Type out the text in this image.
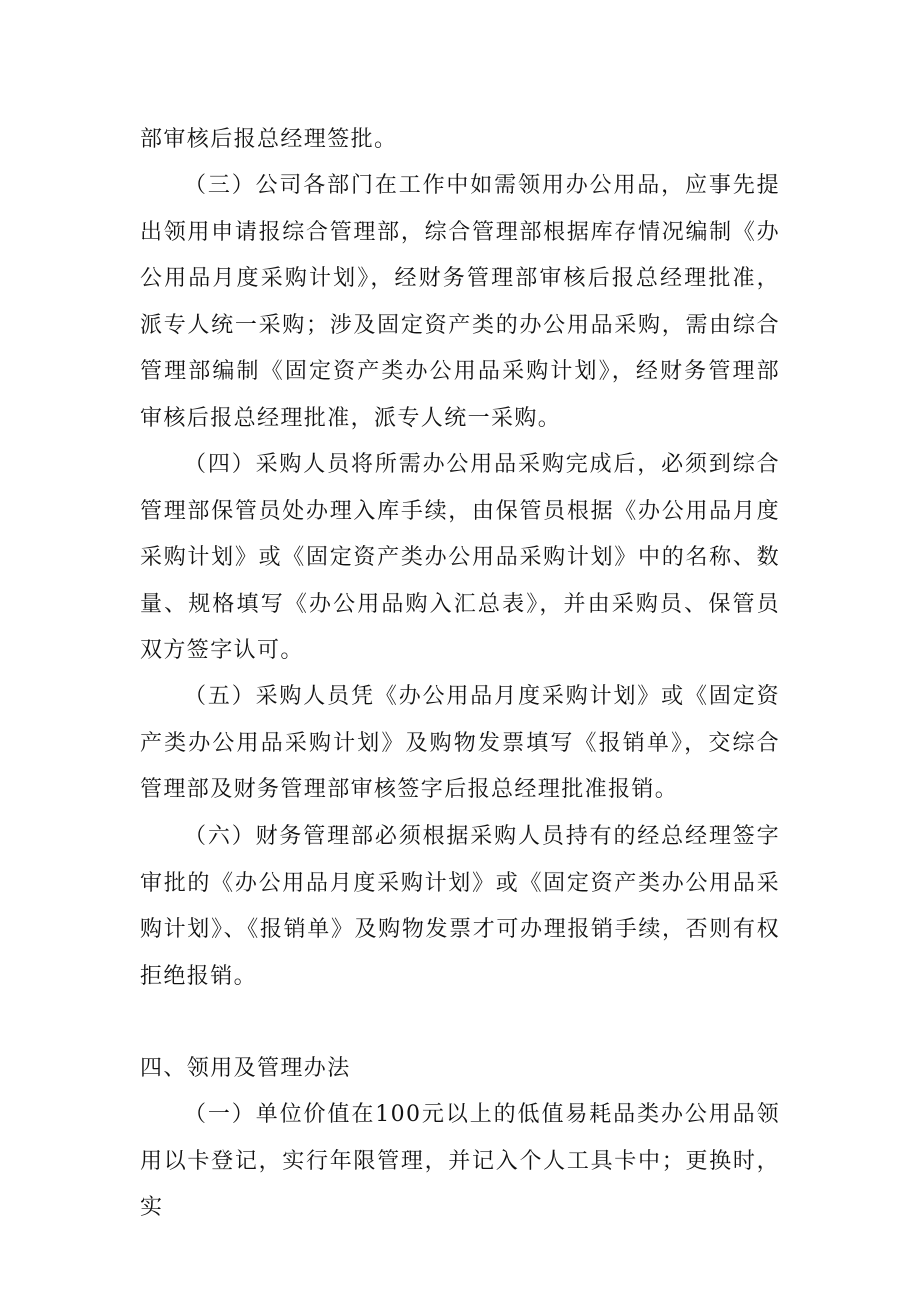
部审核后报总经理签批。

（三）公司各部门在工作中如需领用办公用品，应事先提出领用申请报综合管理部，综合管理部根据库存情况编制《办公用品月度采购计划》，经财务管理部审核后报总经理批准，派专人统一采购；涉及固定资产类的办公用品采购，需由综合管理部编制《固定资产类办公用品采购计划》，经财务管理部审核后报总经理批准，派专人统一采购。

（四）采购人员将所需办公用品采购完成后，必须到综合管理部保管员处办理入库手续，由保管员根据《办公用品月度采购计划》或《固定资产类办公用品采购计划》中的名称、数量、规格填写《办公用品购入汇总表》，并由采购员、保管员双方签字认可。

（五）采购人员凭《办公用品月度采购计划》或《固定资产类办公用品采购计划》及购物发票填写《报销单》，交综合管理部及财务管理部审核签字后报总经理批准报销。

（六）财务管理部必须根据采购人员持有的经总经理签字审批的《办公用品月度采购计划》或《固定资产类办公用品采购计划》、《报销单》及购物发票才可办理报销手续，否则有权拒绝报销。

四、领用及管理办法

（一）单位价值在100元以上的低值易耗品类办公用品领用以卡登记，实行年限管理，并记入个人工具卡中；更换时，实
